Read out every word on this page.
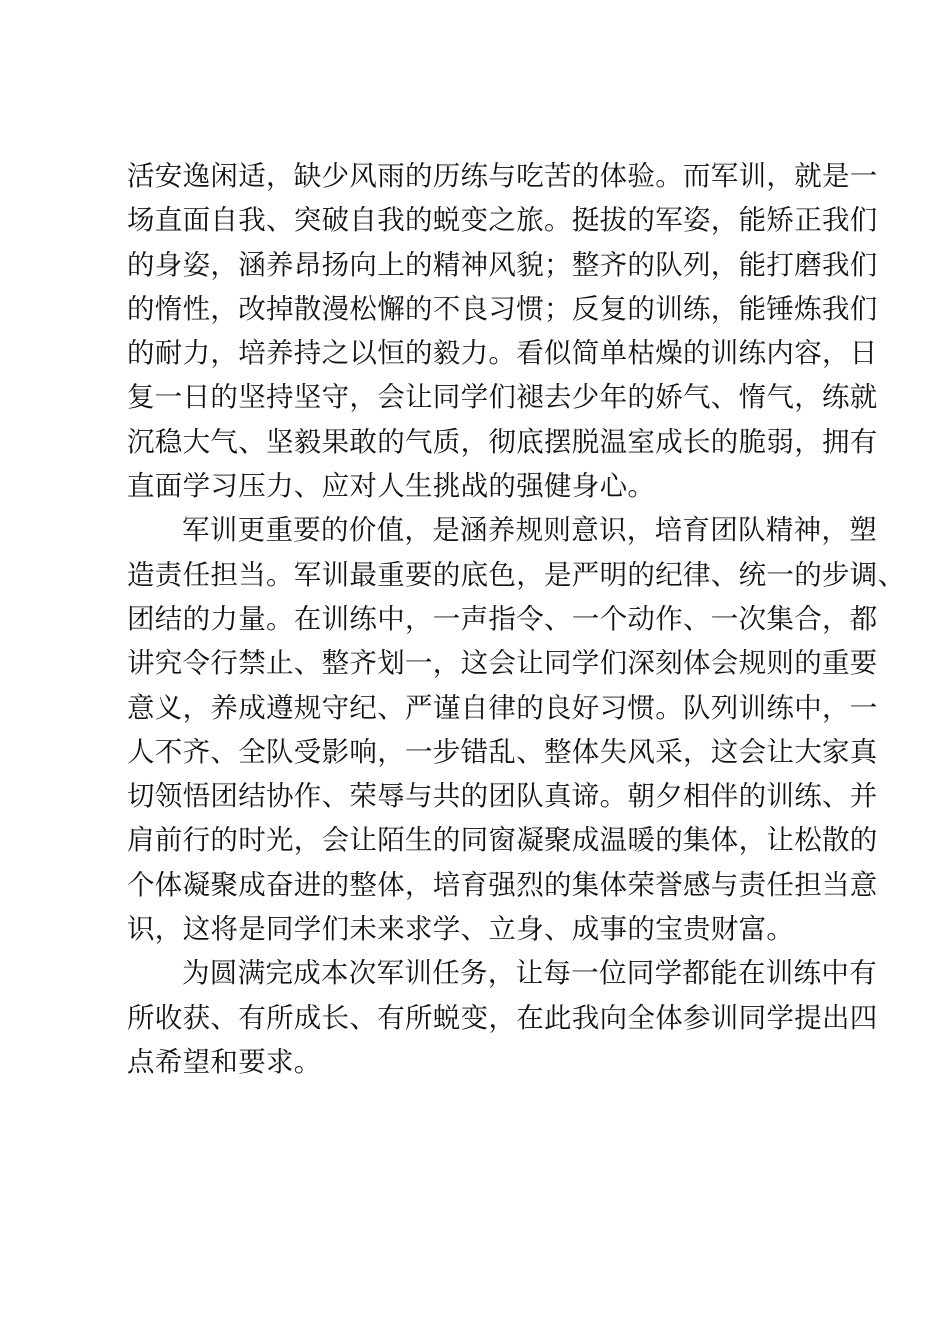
活安逸闲适，缺少风雨的历练与吃苦的体验。而军训，就是一
场直面自我、突破自我的蜕变之旅。挺拔的军姿，能矫正我们
的身姿，涵养昂扬向上的精神风貌；整齐的队列，能打磨我们
的惰性，改掉散漫松懈的不良习惯；反复的训练，能锤炼我们
的耐力，培养持之以恒的毅力。看似简单枯燥的训练内容，日
复一日的坚持坚守，会让同学们褪去少年的娇气、惰气，练就
沉稳大气、坚毅果敢的气质，彻底摆脱温室成长的脆弱，拥有
直面学习压力、应对人生挑战的强健身心。
军训更重要的价值，是涵养规则意识，培育团队精神，塑
造责任担当。军训最重要的底色，是严明的纪律、统一的步调、
团结的力量。在训练中，一声指令、一个动作、一次集合，都
讲究令行禁止、整齐划一，这会让同学们深刻体会规则的重要
意义，养成遵规守纪、严谨自律的良好习惯。队列训练中，一
人不齐、全队受影响，一步错乱、整体失风采，这会让大家真
切领悟团结协作、荣辱与共的团队真谛。朝夕相伴的训练、并
肩前行的时光，会让陌生的同窗凝聚成温暖的集体，让松散的
个体凝聚成奋进的整体，培育强烈的集体荣誉感与责任担当意
识，这将是同学们未来求学、立身、成事的宝贵财富。
为圆满完成本次军训任务，让每一位同学都能在训练中有
所收获、有所成长、有所蜕变，在此我向全体参训同学提出四
点希望和要求。
